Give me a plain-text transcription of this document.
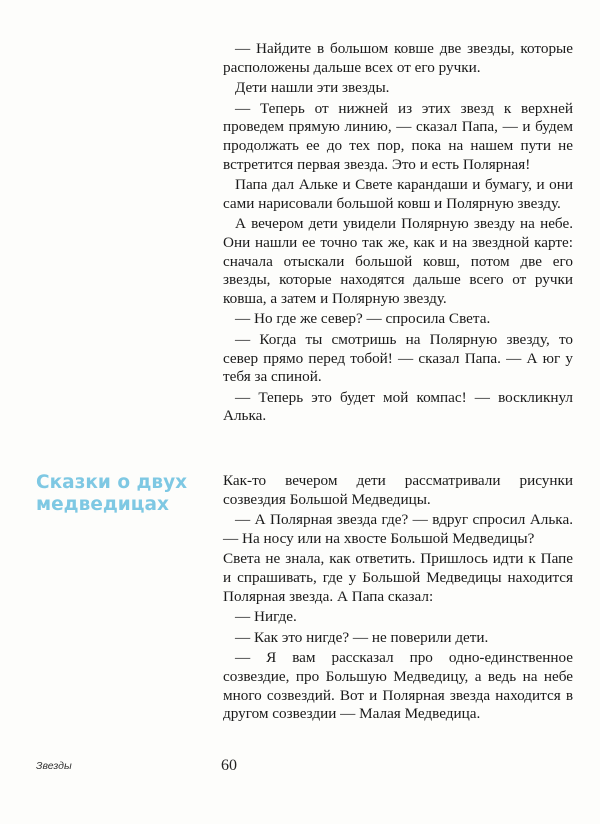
— Найдите в большом ковше две звезды, которые расположены дальше всех от его ручки.

Дети нашли эти звезды.

— Теперь от нижней из этих звезд к верхней проведем прямую линию, — сказал Папа, — и будем продолжать ее до тех пор, пока на нашем пути не встретится первая звезда. Это и есть Полярная!

Папа дал Альке и Свете карандаши и бумагу, и они сами нарисовали большой ковш и Полярную звезду.

А вечером дети увидели Полярную звезду на небе. Они нашли ее точно так же, как и на звездной карте: сначала отыскали большой ковш, потом две его звезды, которые находятся дальше всего от ручки ковша, а затем и Полярную звезду.

— Но где же север? — спросила Света.

— Когда ты смотришь на Полярную звезду, то север прямо перед тобой! — сказал Папа. — А юг у тебя за спиной.

— Теперь это будет мой компас! — воскликнул Алька.

Сказки о двух
медведицах

Как-то вечером дети рассматривали рисунки созвездия Большой Медведицы.

— А Полярная звезда где? — вдруг спросил Алька. — На носу или на хвосте Большой Медведицы?

Света не знала, как ответить. Пришлось идти к Папе и спрашивать, где у Большой Медведицы находится Полярная звезда. А Папа сказал:

— Нигде.

— Как это нигде? — не поверили дети.

— Я вам рассказал про одно-единственное созвездие, про Большую Медведицу, а ведь на небе много созвездий. Вот и Полярная звезда находится в другом созвездии — Малая Медведица.

Звезды	60
